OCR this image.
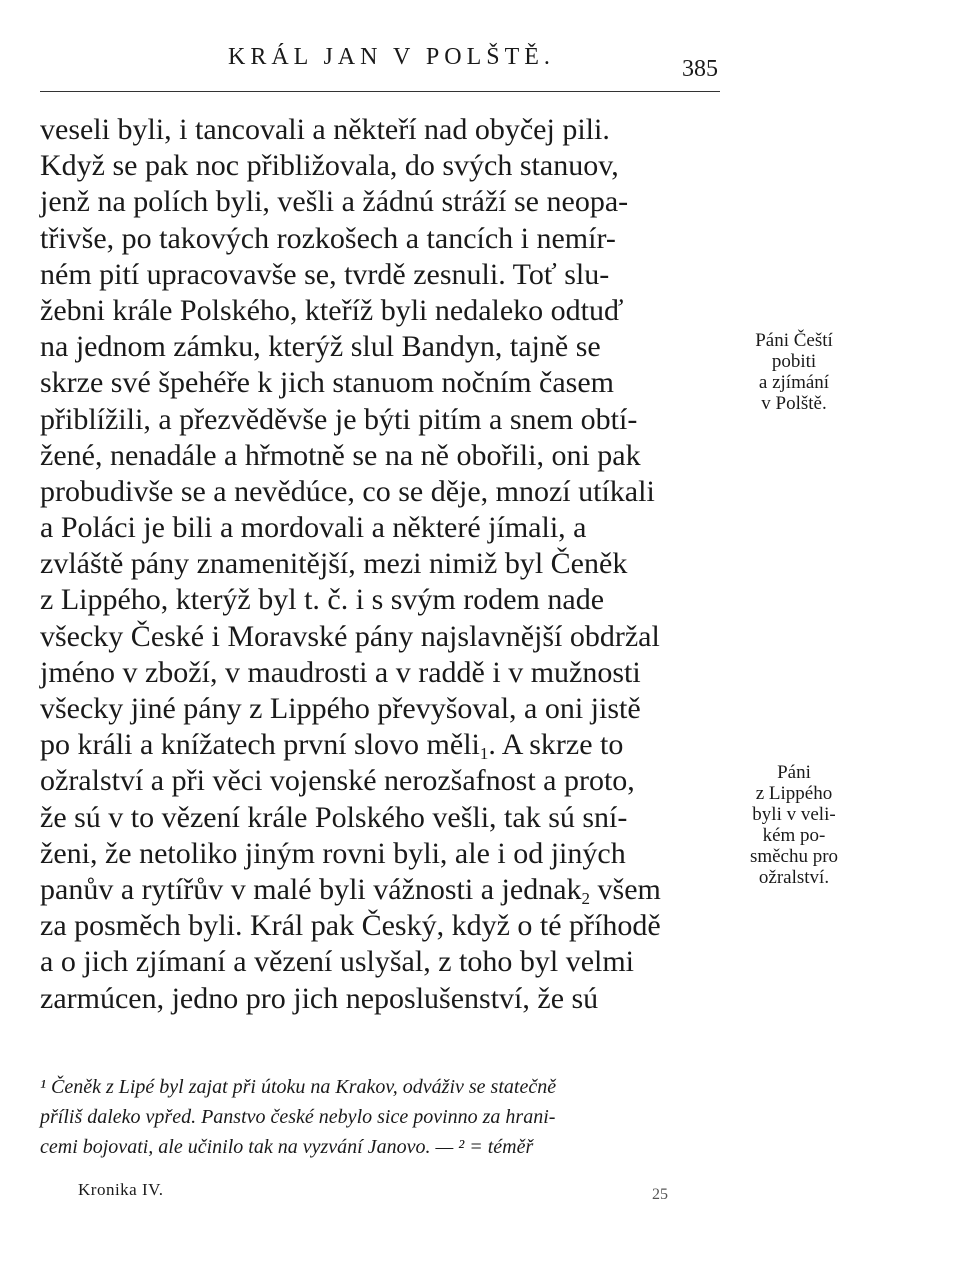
KRÁL JAN V POLŠTĚ.	385
veseli byli, i tancovali a někteří nad obyčej pili.
Když se pak noc přibližovala, do svých stanuov,
jenž na polích byli, vešli a žádnú stráží se neopa-
třivše, po takových rozkošech a tancích i nemír-
ném pití upracovavše se, tvrdě zesnuli. Toť slu-
žebni krále Polského, kteříž byli nedaleko odtuď
na jednom zámku, kterýž slul Bandyn, tajně se
skrze své špehéře k jich stanuom nočním časem
přiblížili, a přezvěděvše je býti pitím a snem obtí-
žené, nenadále a hřmotně se na ně obořili, oni pak
probudivše se a nevědúce, co se děje, mnozí utíkali
a Poláci je bili a mordovali a některé jímali, a
zvláště pány znamenitější, mezi nimiž byl Čeněk
z Lippého, kterýž byl t. č. i s svým rodem nade
všecky České i Moravské pány najslavnější obdržal
jméno v zboží, v maudrosti a v raddě i v mužnosti
všecky jiné pány z Lippého převyšoval, a oni jistě
po králi a knížatech první slovo měli1. A skrze to
ožralství a při věci vojenské nerozšafnost a proto,
že sú v to vězení krále Polského vešli, tak sú sní-
ženi, že netoliko jiným rovni byli, ale i od jiných
panův a rytířův v malé byli vážnosti a jednak2 všem
za posměch byli. Král pak Český, když o té příhodě
a o jich zjímaní a vězení uslyšal, z toho byl velmi
zarmúcen, jedno pro jich neposlušenství, že sú
Páni Čeští
pobiti
a zjímání
v Polště.
Páni
z Lippého
byli v veli-
kém po-
směchu pro
ožralství.
¹ Čeněk z Lipé byl zajat při útoku na Krakov, odváživ se statečně
příliš daleko vpřed. Panstvo české nebylo sice povinno za hrani-
cemi bojovati, ale učinilo tak na vyzvání Janovo. — ² = téměř
Kronika IV.	25
